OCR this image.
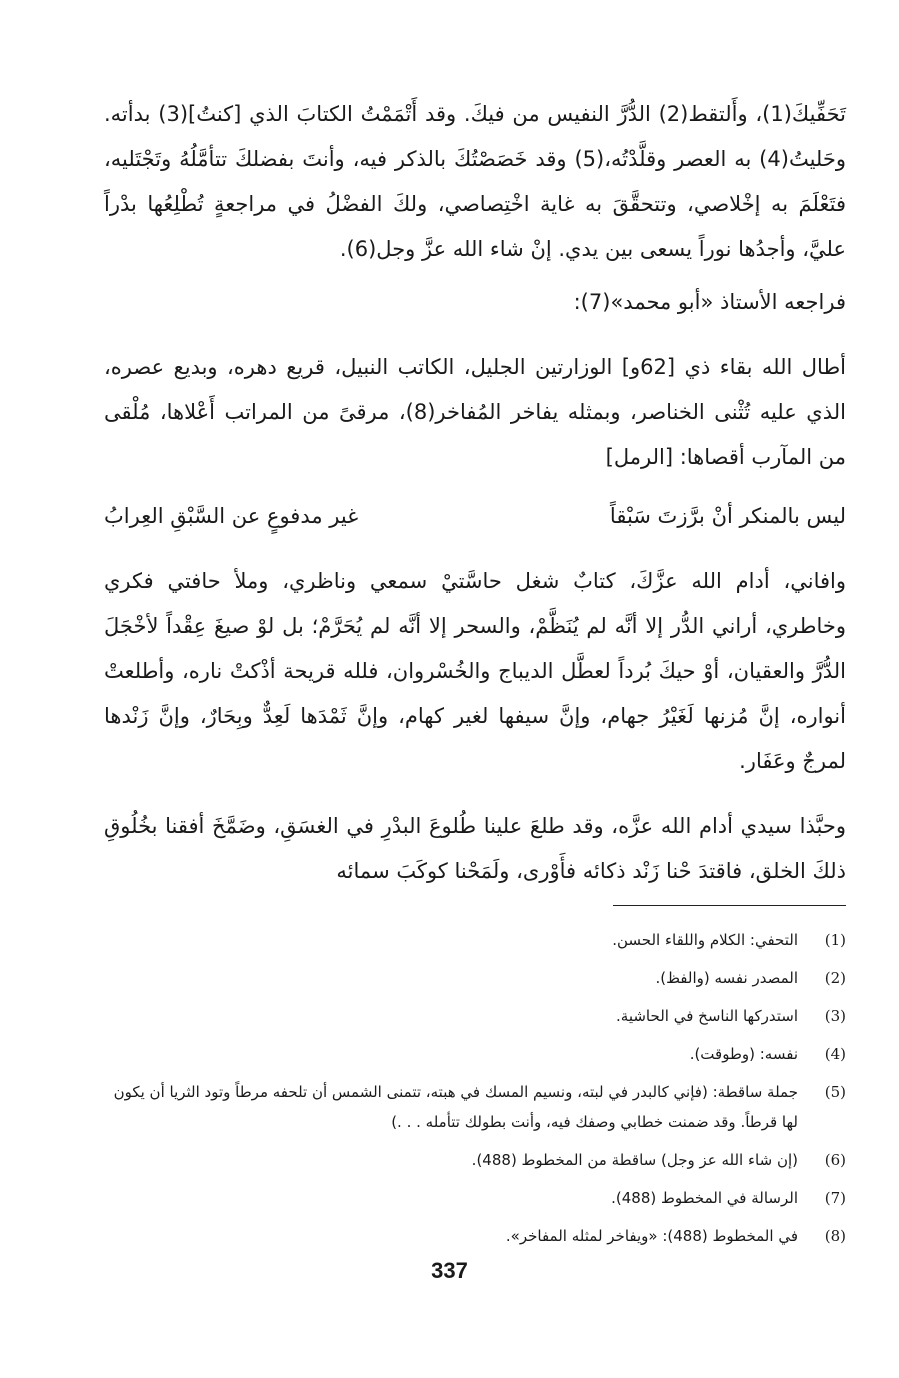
تَحَفِّيكَ(1)، وأَلتقط(2) الدُّرَّ النفيس من فيكَ. وقد أَتْمَمْتُ الكتابَ الذي [كنتُ](3) بدأته. وحَليتُ(4) به العصر وقلَّدْتُه،(5) وقد خَصَصْتُكَ بالذكر فيه، وأنتَ بفضلكَ تتأمَّلُهُ وتَجْتَليه، فتَعْلَمَ به إخْلاصي، وتتحقَّقَ به غاية اخْتِصاصي، ولكَ الفضْلُ في مراجعةٍ تُطْلِعُها بدْراً عليَّ، وأجدُها نوراً يسعى بين يدي. إنْ شاء الله عزَّ وجل(6).

فراجعه الأستاذ «أبو محمد»(7):

أطال الله بقاء ذي [62و] الوزارتين الجليل، الكاتب النبيل، قريع دهره، وبديع عصره، الذي عليه تُثْنى الخناصر، وبمثله يفاخر المُفاخر(8)، مرقىً من المراتب أَعْلاها، مُلْقى من المآرب أقصاها: [الرمل]

ليس بالمنكر أنْ برَّزتَ سَبْقاً
غير مدفوعٍ عن السَّبْقِ العِرابُ

وافاني، أدام الله عزَّكَ، كتابٌ شغل حاسَّتيْ سمعي وناظري، وملأ حافتي فكري وخاطري، أراني الدُّر إلا أنَّه لم يُنَظَّمْ، والسحر إلا أنَّه لم يُحَرَّمْ؛ بل لوْ صيغَ عِقْداً لأخْجَلَ الدُّرَّ والعقيان، أوْ حيكَ بُرداً لعطَّل الديباج والخُسْروان، فلله قريحة أذْكتْ ناره، وأطلعتْ أنواره، إنَّ مُزنها لَغَيْرُ جهام، وإنَّ سيفها لغير كهام، وإنَّ ثَمْدَها لَعِدٌّ وبِحَارٌ، وإنَّ زَنْدها لمرجٌ وعَفَار.

وحبَّذا سيدي أدام الله عزَّه، وقد طلعَ علينا طُلوعَ البدْرِ في الغسَقِ، وضَمَّخَ أفقنا بخُلُوقِ ذلكَ الخلق، فاقتدَ حْنا زَنْد ذكائه فأَوْرى، ولَمَحْنا كوكَبَ سمائه

(1)
التحفي: الكلام واللقاء الحسن.
(2)
المصدر نفسه (والفظ).
(3)
استدركها الناسخ في الحاشية.
(4)
نفسه: (وطوقت).
(5)
جملة ساقطة: (فإني كالبدر في لبته، ونسيم المسك في هبته، تتمنى الشمس أن تلحفه مرطاً وتود الثريا أن يكون لها قرطاً. وقد ضمنت خطابي وصفك فيه، وأنت بطولك تتأمله . . .)
(6)
(إن شاء الله عز وجل) ساقطة من المخطوط (488).
(7)
الرسالة في المخطوط (488).
(8)
في المخطوط (488): «ويفاخر لمثله المفاخر».
337
